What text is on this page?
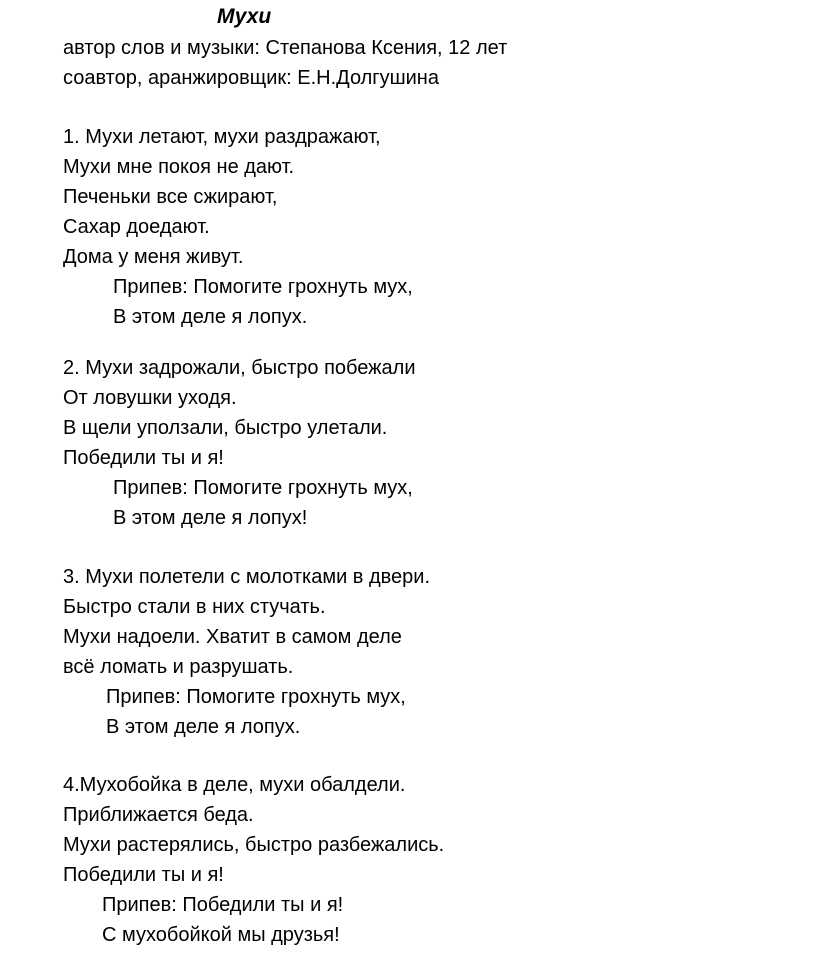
Мухи
автор слов и музыки: Степанова Ксения, 12 лет
соавтор, аранжировщик: Е.Н.Долгушина
1. Мухи летают, мухи раздражают,
Мухи мне покоя не дают.
Печеньки все сжирают,
Сахар доедают.
Дома у меня живут.
Припев: Помогите грохнуть мух,
В этом деле я лопух.
2. Мухи задрожали, быстро побежали
От ловушки уходя.
В щели уползали, быстро улетали.
Победили ты и я!
Припев: Помогите грохнуть мух,
В этом деле я лопух!
3. Мухи полетели с молотками в двери.
Быстро стали в них стучать.
Мухи надоели. Хватит в самом деле
всё ломать и разрушать.
Припев: Помогите грохнуть мух,
В этом деле я лопух.
4.Мухобойка в деле, мухи обалдели.
Приближается беда.
Мухи растерялись, быстро разбежались.
Победили ты и я!
Припев: Победили ты и я!
С мухобойкой мы друзья!
